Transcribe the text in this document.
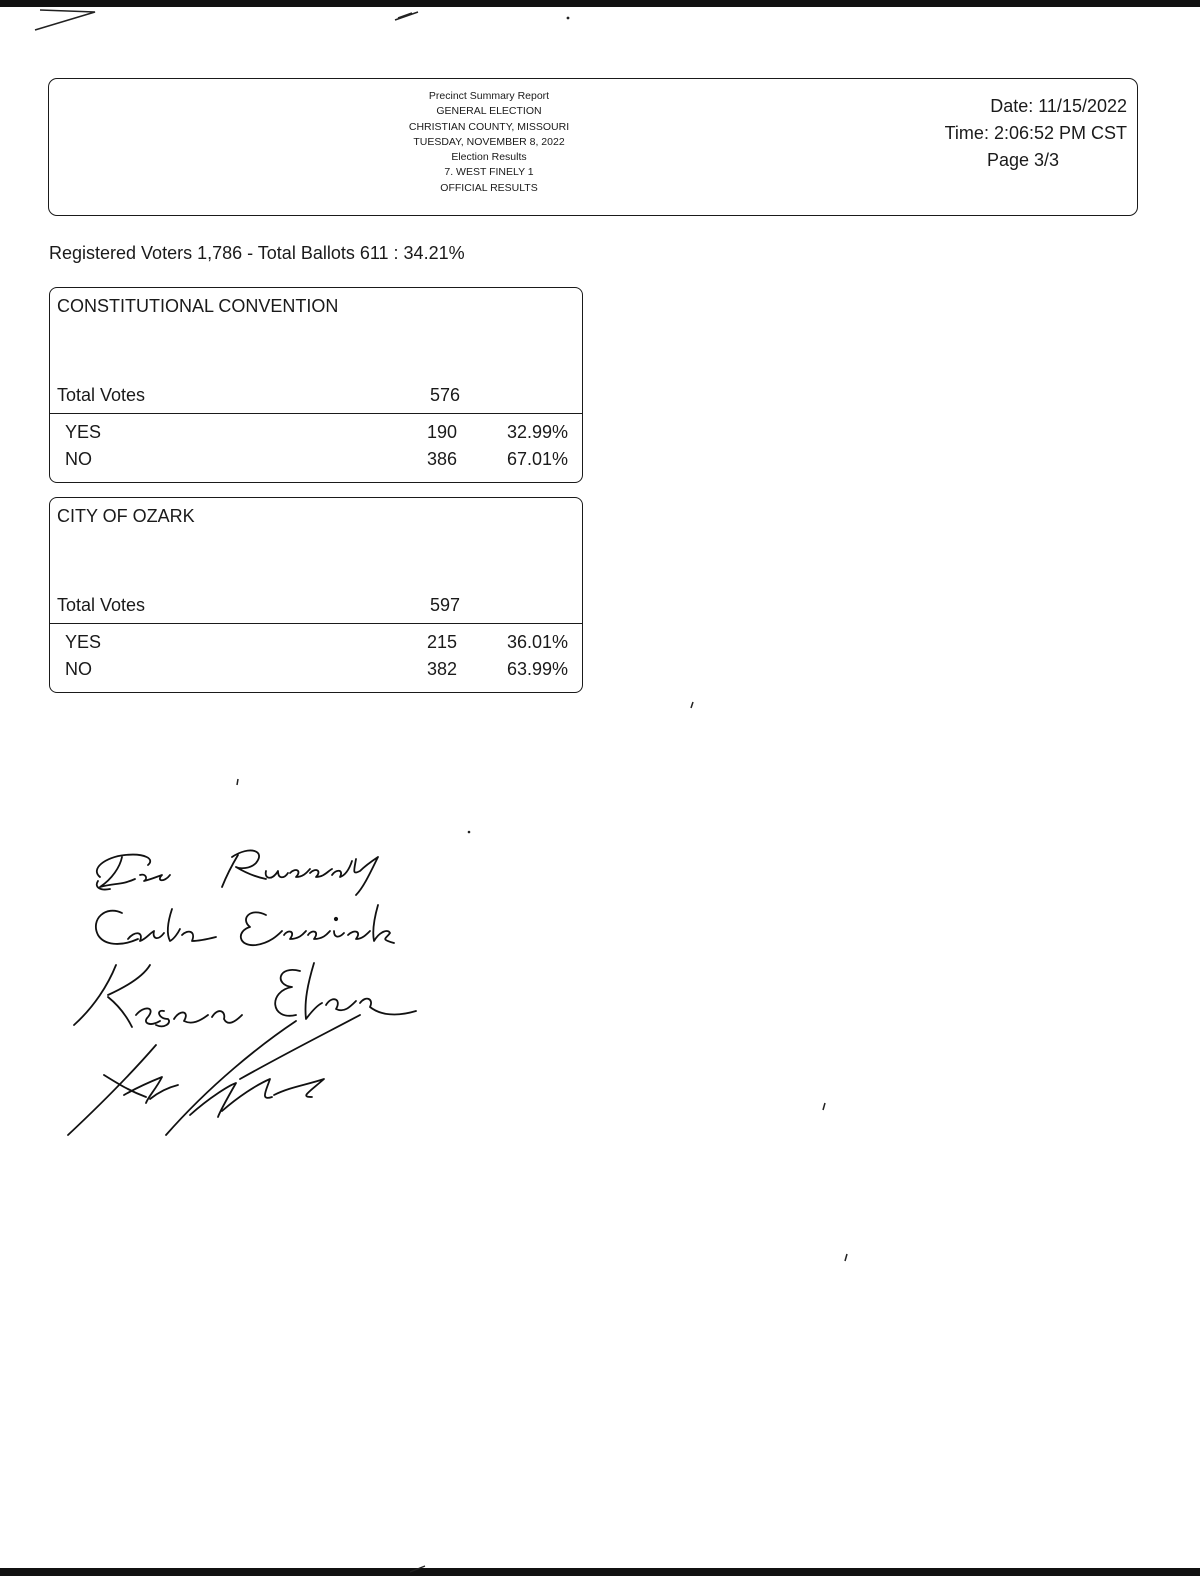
Precinct Summary Report
GENERAL ELECTION
CHRISTIAN COUNTY, MISSOURI
TUESDAY, NOVEMBER 8, 2022
Election Results
7. WEST FINELY 1
OFFICIAL RESULTS
Date: 11/15/2022
Time: 2:06:52 PM CST
Page 3/3
Registered Voters 1,786 - Total Ballots 611 : 34.21%
CONSTITUTIONAL CONVENTION
Total Votes	576
YES	190	32.99%
NO	386	67.01%
CITY OF OZARK
Total Votes	597
YES	215	36.01%
NO	382	63.99%
